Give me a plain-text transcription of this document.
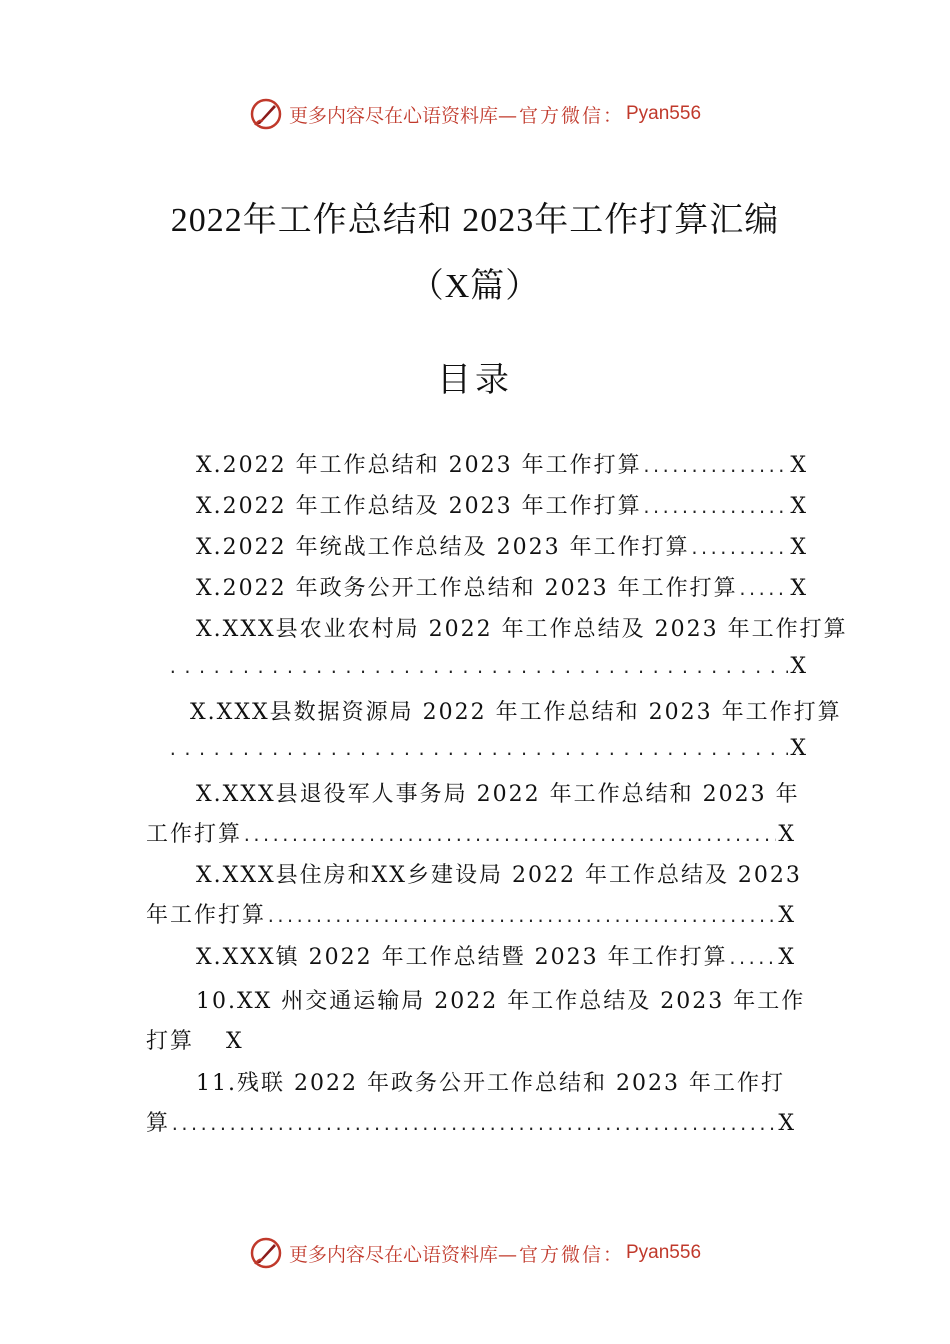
更多内容尽在心语资料库 —官方微信： Pyan556
2022年工作总结和 2023年工作打算汇编
（X篇）
目录
X.2022 年工作总结和 2023 年工作打算 .....	X
X.2022 年工作总结及 2023 年工作打算 .....	X
X.2022 年统战工作总结及 2023 年工作打算 .....	X
X.2022 年政务公开工作总结和 2023 年工作打算 ..... X
X.XXX县农业农村局 2022 年工作总结及 2023 年工作打算
.....
X
X.XXX县数据资源局 2022 年工作总结和 2023 年工作打算
.....
X
X.XXX县退役军人事务局 2022 年工作总结和 2023 年
工作打算 .....	X
X.XXX县住房和XX乡建设局 2022 年工作总结及 2023
年工作打算 .....	X
X.XXX镇 2022 年工作总结暨 2023 年工作打算 ..... X
10.XX 州交通运输局 2022 年工作总结及 2023 年工作
打算 X
11.残联 2022 年政务公开工作总结和 2023 年工作打
算 .....	X
更多内容尽在心语资料库 —官方微信： Pyan556
